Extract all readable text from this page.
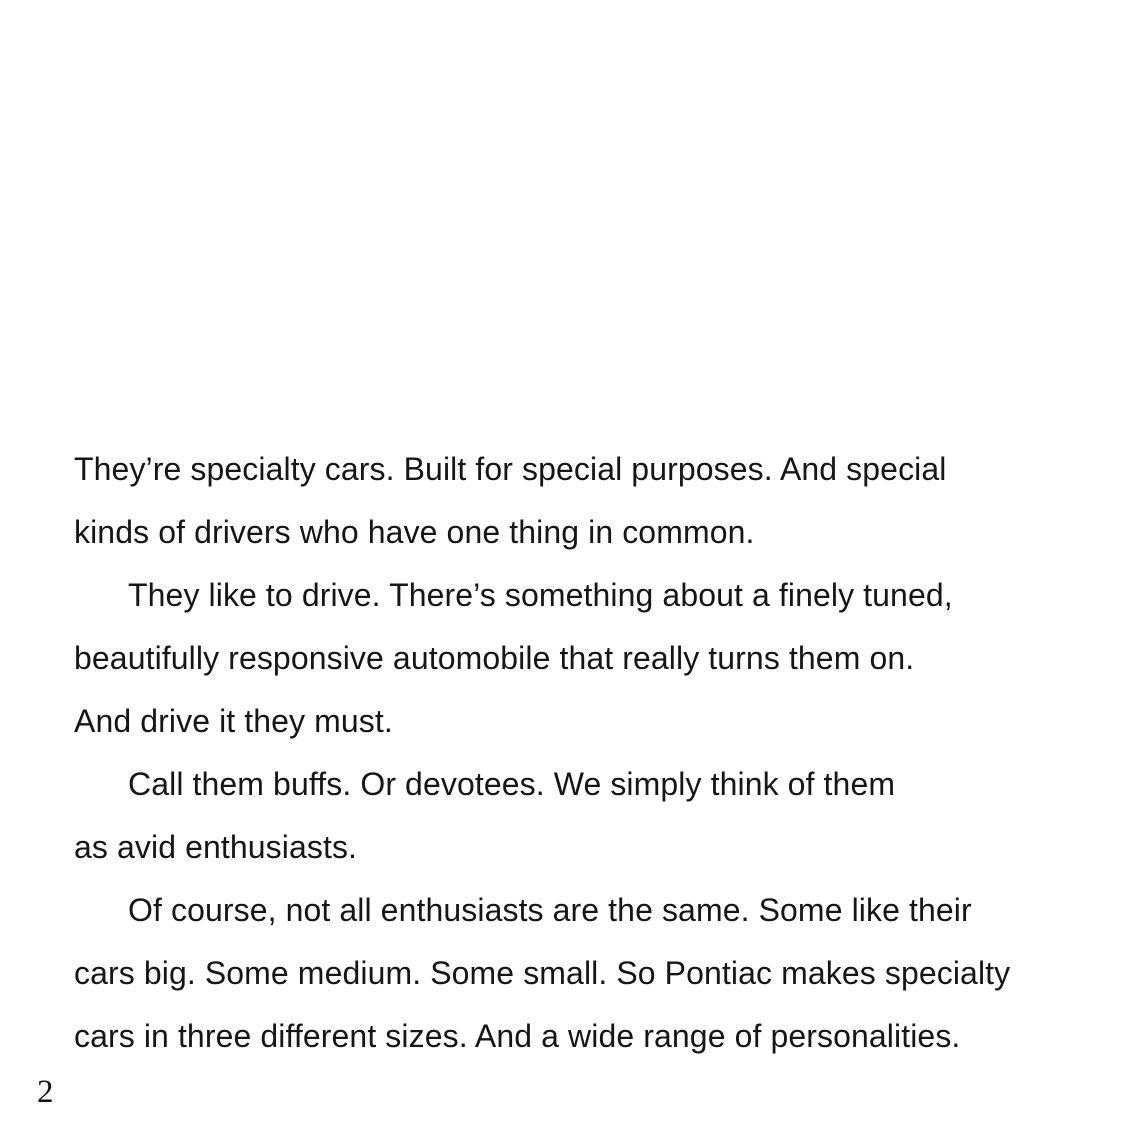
They’re specialty cars. Built for special purposes. And special

kinds of drivers who have one thing in common.

They like to drive. There’s something about a finely tuned,

beautifully responsive automobile that really turns them on.

And drive it they must.

Call them buffs. Or devotees. We simply think of them

as avid enthusiasts.

Of course, not all enthusiasts are the same. Some like their

cars big. Some medium. Some small. So Pontiac makes specialty

cars in three different sizes. And a wide range of personalities.

2
